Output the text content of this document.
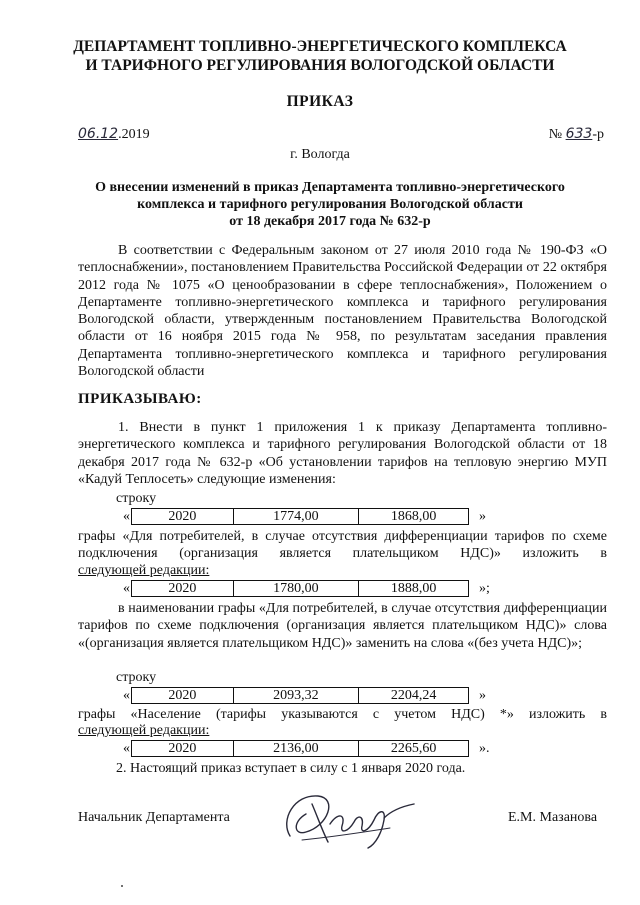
ДЕПАРТАМЕНТ ТОПЛИВНО-ЭНЕРГЕТИЧЕСКОГО КОМПЛЕКСА
И ТАРИФНОГО РЕГУЛИРОВАНИЯ ВОЛОГОДСКОЙ ОБЛАСТИ
ПРИКАЗ
06.12.2019	№ 633-р
г. Вологда
О внесении изменений в приказ Департамента топливно-энергетического
комплекса и тарифного регулирования Вологодской области
от 18 декабря 2017 года № 632-р
В соответствии с Федеральным законом от 27 июля 2010 года № 190-ФЗ «О теплоснабжении», постановлением Правительства Российской Федерации от 22 октября 2012 года № 1075 «О ценообразовании в сфере теплоснабжения», Положением о Департаменте топливно-энергетического комплекса и тарифного регулирования Вологодской области, утвержденным постановлением Правительства Вологодской области от 16 ноября 2015 года № 958, по результатам заседания правления Департамента топливно-энергетического комплекса и тарифного регулирования Вологодской области
ПРИКАЗЫВАЮ:
1. Внести в пункт 1 приложения 1 к приказу Департамента топливно-энергетического комплекса и тарифного регулирования Вологодской области от 18 декабря 2017 года № 632-р «Об установлении тарифов на тепловую энергию МУП «Кадуй Теплосеть» следующие изменения:
строку
«	2020	1774,00	1868,00	»
графы «Для потребителей, в случае отсутствия дифференциации тарифов по схеме подключения (организация является плательщиком НДС)» изложить в
следующей редакции:
«	2020	1780,00	1888,00	»;
в наименовании графы «Для потребителей, в случае отсутствия дифференциации тарифов по схеме подключения (организация является плательщиком НДС)» слова «(организация является плательщиком НДС)» заменить на слова «(без учета НДС)»;
строку
«	2020	2093,32	2204,24	»
графы «Население (тарифы указываются с учетом НДС) *» изложить в
следующей редакции:
«	2020	2136,00	2265,60	».
2. Настоящий приказ вступает в силу с 1 января 2020 года.
Начальник Департамента	Е.М. Мазанова
